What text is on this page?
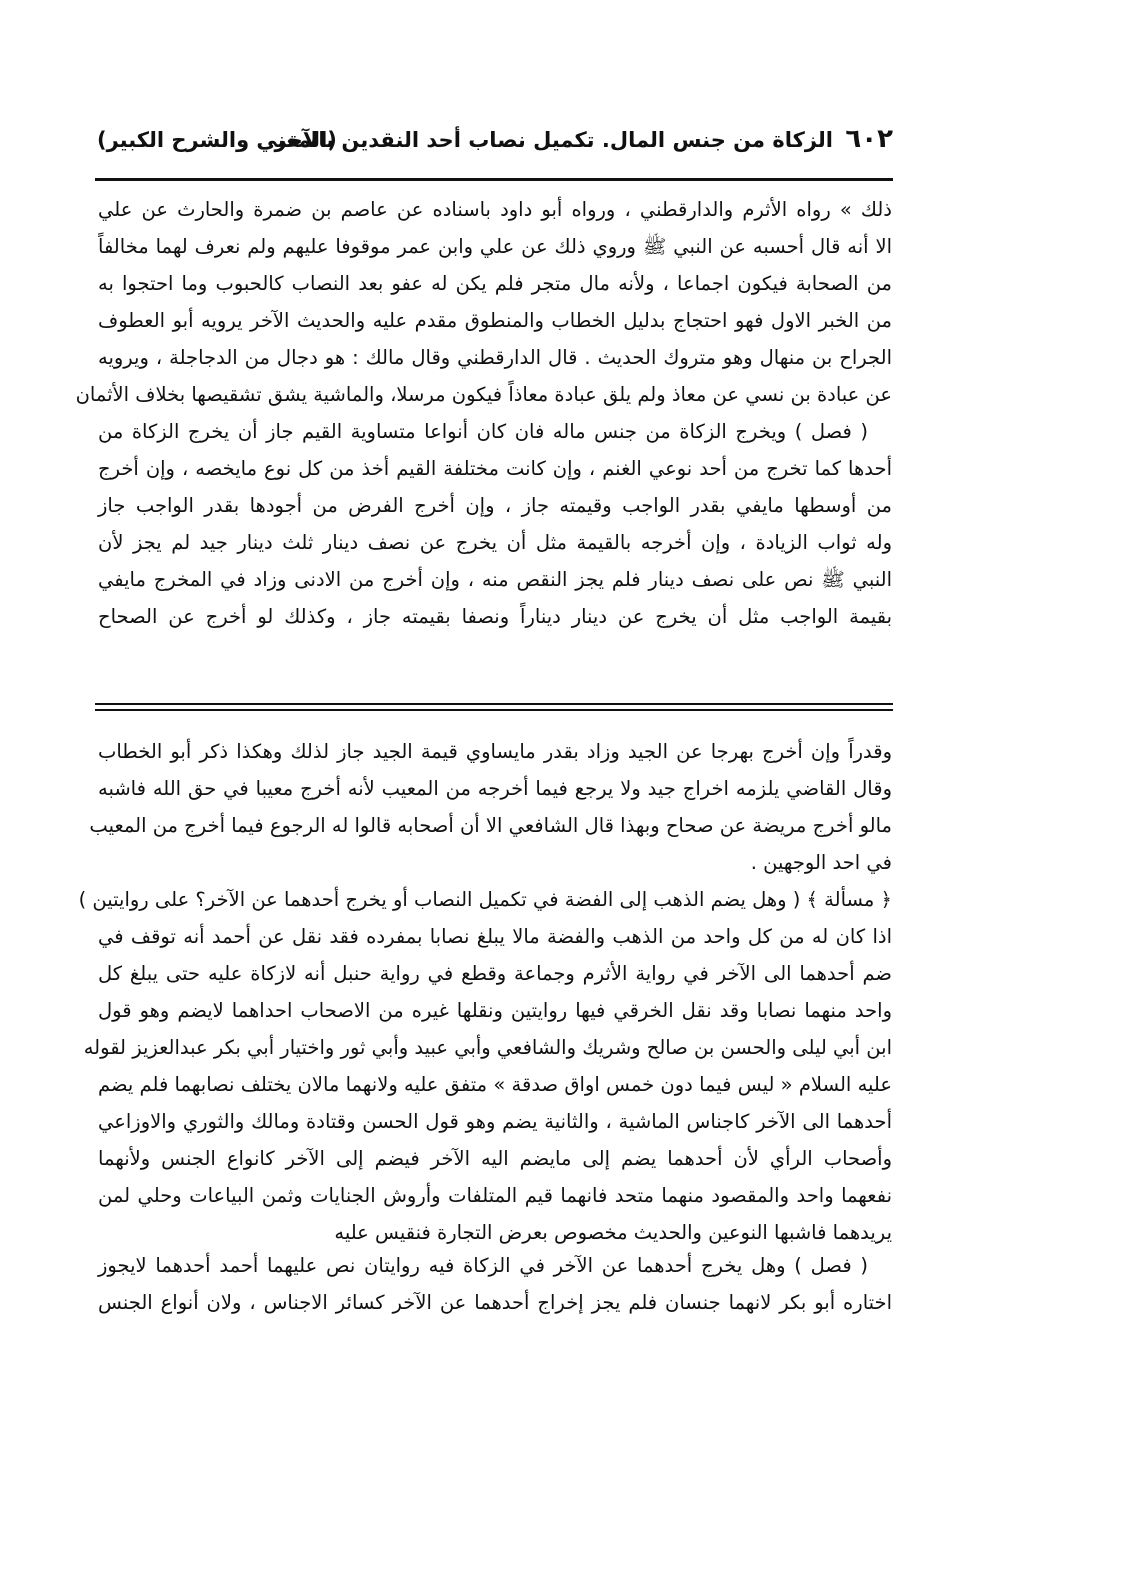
٦٠٢
الزكاة من جنس المال. تكميل نصاب أحد النقدين بالآخر
(المغني والشرح الكبير)
ذلك » رواه الأثرم والدارقطني ، ورواه أبو داود باسناده عن عاصم بن ضمرة والحارث عن علي
الا أنه قال أحسبه عن النبي ﷺ وروي ذلك عن علي وابن عمر موقوفا عليهم ولم نعرف لهما مخالفاً
من الصحابة فيكون اجماعا ، ولأنه مال متجر فلم يكن له عفو بعد النصاب كالحبوب وما احتجوا به
من الخبر الاول فهو احتجاج بدليل الخطاب والمنطوق مقدم عليه والحديث الآخر يرويه أبو العطوف
الجراح بن منهال وهو متروك الحديث . قال الدارقطني وقال مالك : هو دجال من الدجاجلة ، ويرويه
عن عبادة بن نسي عن معاذ ولم يلق عبادة معاذاً فيكون مرسلا، والماشية يشق تشقيصها بخلاف الأثمان
( فصل ) ويخرج الزكاة من جنس ماله فان كان أنواعا متساوية القيم جاز أن يخرج الزكاة من
أحدها كما تخرج من أحد نوعي الغنم ، وإن كانت مختلفة القيم أخذ من كل نوع مايخصه ، وإن أخرج
من أوسطها مايفي بقدر الواجب وقيمته جاز ، وإن أخرج الفرض من أجودها بقدر الواجب جاز
وله ثواب الزيادة ، وإن أخرجه بالقيمة مثل أن يخرج عن نصف دينار ثلث دينار جيد لم يجز لأن
النبي ﷺ نص على نصف دينار فلم يجز النقص منه ، وإن أخرج من الادنى وزاد في المخرج مايفي
بقيمة الواجب مثل أن يخرج عن دينار ديناراً ونصفا بقيمته جاز ، وكذلك لو أخرج عن الصحاح
وقدراً وإن أخرج بهرجا عن الجيد وزاد بقدر مايساوي قيمة الجيد جاز لذلك وهكذا ذكر أبو الخطاب
وقال القاضي يلزمه اخراج جيد ولا يرجع فيما أخرجه من المعيب لأنه أخرج معيبا في حق الله فاشبه
مالو أخرج مريضة عن صحاح وبهذا قال الشافعي الا أن أصحابه قالوا له الرجوع فيما أخرج من المعيب
في احد الوجهين .
﴿ مسألة ﴾ ( وهل يضم الذهب إلى الفضة في تكميل النصاب أو يخرج أحدهما عن الآخر؟ على روايتين )
اذا كان له من كل واحد من الذهب والفضة مالا يبلغ نصابا بمفرده فقد نقل عن أحمد أنه توقف في
ضم أحدهما الى الآخر في رواية الأثرم وجماعة وقطع في رواية حنبل أنه لازكاة عليه حتى يبلغ كل
واحد منهما نصابا وقد نقل الخرقي فيها روايتين ونقلها غيره من الاصحاب احداهما لايضم وهو قول
ابن أبي ليلى والحسن بن صالح وشريك والشافعي وأبي عبيد وأبي ثور واختيار أبي بكر عبدالعزيز لقوله
عليه السلام « ليس فيما دون خمس اواق صدقة » متفق عليه ولانهما مالان يختلف نصابهما فلم يضم
أحدهما الى الآخر كاجناس الماشية ، والثانية يضم وهو قول الحسن وقتادة ومالك والثوري والاوزاعي
وأصحاب الرأي لأن أحدهما يضم إلى مايضم اليه الآخر فيضم إلى الآخر كانواع الجنس ولأنهما
نفعهما واحد والمقصود منهما متحد فانهما قيم المتلفات وأروش الجنايات وثمن البياعات وحلي لمن
يريدهما فاشبها النوعين والحديث مخصوص بعرض التجارة فنقيس عليه
( فصل ) وهل يخرج أحدهما عن الآخر في الزكاة فيه روايتان نص عليهما أحمد أحدهما لايجوز
اختاره أبو بكر لانهما جنسان فلم يجز إخراج أحدهما عن الآخر كسائر الاجناس ، ولان أنواع الجنس
